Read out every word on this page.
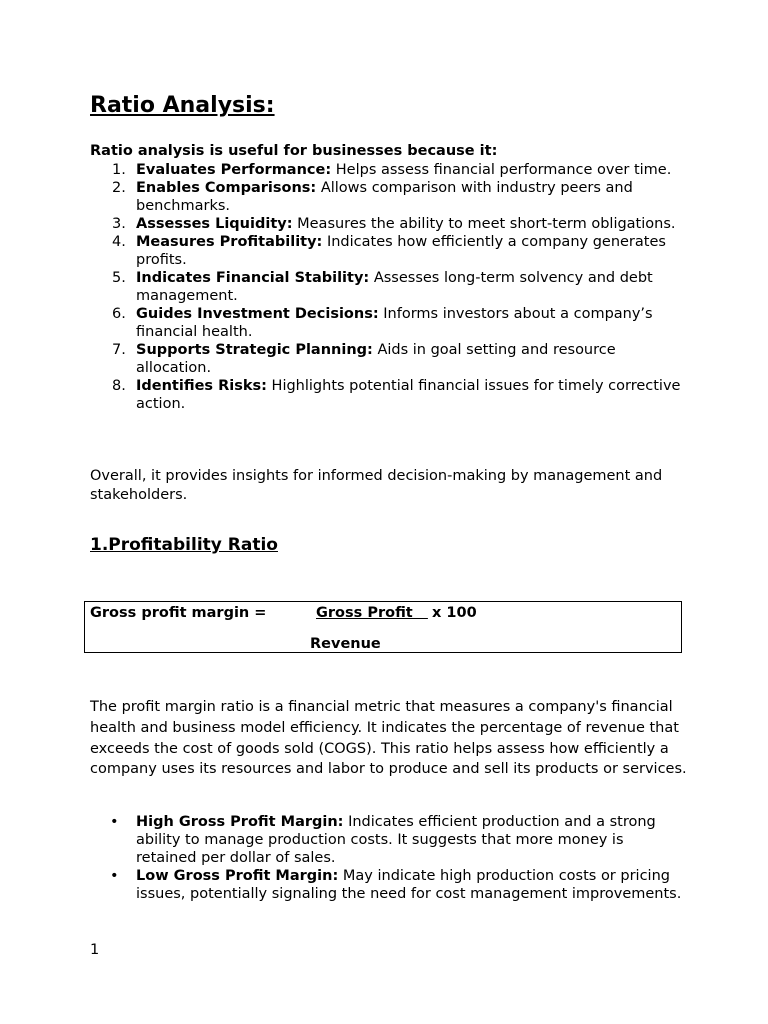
Ratio Analysis:

Ratio analysis is useful for businesses because it:

1. Evaluates Performance: Helps assess financial performance over time.
2. Enables Comparisons: Allows comparison with industry peers and benchmarks.
3. Assesses Liquidity: Measures the ability to meet short-term obligations.
4. Measures Profitability: Indicates how efficiently a company generates profits.
5. Indicates Financial Stability: Assesses long-term solvency and debt management.
6. Guides Investment Decisions: Informs investors about a company’s financial health.
7. Supports Strategic Planning: Aids in goal setting and resource allocation.
8. Identifies Risks: Highlights potential financial issues for timely corrective action.

Overall, it provides insights for informed decision-making by management and stakeholders.

1.Profitability Ratio
Gross profit margin =	Gross Profit x 100
Revenue

The profit margin ratio is a financial metric that measures a company's financial health and business model efficiency. It indicates the percentage of revenue that exceeds the cost of goods sold (COGS). This ratio helps assess how efficiently a company uses its resources and labor to produce and sell its products or services.

• High Gross Profit Margin: Indicates efficient production and a strong ability to manage production costs. It suggests that more money is retained per dollar of sales.
• Low Gross Profit Margin: May indicate high production costs or pricing issues, potentially signaling the need for cost management improvements.

1
